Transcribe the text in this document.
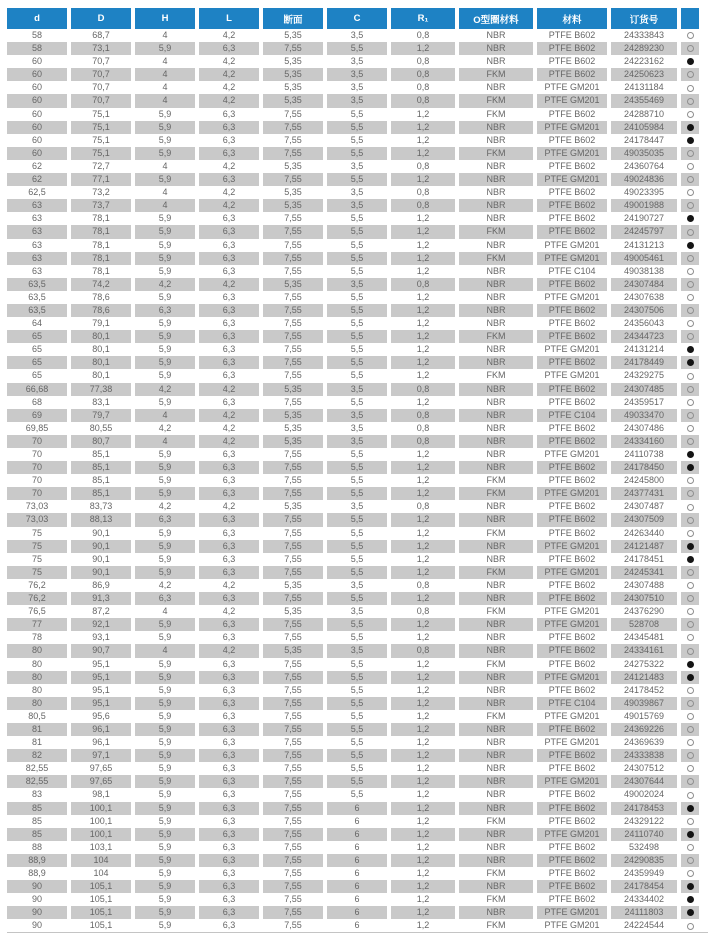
d	D	H	L	断面	C	R₁	O型圈材料	材料	订货号	
58	68,7	4	4,2	5,35	3,5	0,8	NBR	PTFE B602	24333843	
58	73,1	5,9	6,3	7,55	5,5	1,2	NBR	PTFE B602	24289230	
60	70,7	4	4,2	5,35	3,5	0,8	NBR	PTFE B602	24223162	
60	70,7	4	4,2	5,35	3,5	0,8	FKM	PTFE B602	24250623	
60	70,7	4	4,2	5,35	3,5	0,8	NBR	PTFE GM201	24131184	
60	70,7	4	4,2	5,35	3,5	0,8	FKM	PTFE GM201	24355469	
60	75,1	5,9	6,3	7,55	5,5	1,2	FKM	PTFE B602	24288710	
60	75,1	5,9	6,3	7,55	5,5	1,2	NBR	PTFE GM201	24105984	
60	75,1	5,9	6,3	7,55	5,5	1,2	NBR	PTFE B602	24178447	
60	75,1	5,9	6,3	7,55	5,5	1,2	FKM	PTFE GM201	49035035	
62	72,7	4	4,2	5,35	3,5	0,8	NBR	PTFE B602	24360764	
62	77,1	5,9	6,3	7,55	5,5	1,2	NBR	PTFE GM201	49024836	
62,5	73,2	4	4,2	5,35	3,5	0,8	NBR	PTFE B602	49023395	
63	73,7	4	4,2	5,35	3,5	0,8	NBR	PTFE B602	49001988	
63	78,1	5,9	6,3	7,55	5,5	1,2	NBR	PTFE B602	24190727	
63	78,1	5,9	6,3	7,55	5,5	1,2	FKM	PTFE B602	24245797	
63	78,1	5,9	6,3	7,55	5,5	1,2	NBR	PTFE GM201	24131213	
63	78,1	5,9	6,3	7,55	5,5	1,2	FKM	PTFE GM201	49005461	
63	78,1	5,9	6,3	7,55	5,5	1,2	NBR	PTFE C104	49038138	
63,5	74,2	4,2	4,2	5,35	3,5	0,8	NBR	PTFE B602	24307484	
63,5	78,6	5,9	6,3	7,55	5,5	1,2	NBR	PTFE GM201	24307638	
63,5	78,6	6,3	6,3	7,55	5,5	1,2	NBR	PTFE B602	24307506	
64	79,1	5,9	6,3	7,55	5,5	1,2	NBR	PTFE B602	24356043	
65	80,1	5,9	6,3	7,55	5,5	1,2	FKM	PTFE B602	24344723	
65	80,1	5,9	6,3	7,55	5,5	1,2	NBR	PTFE GM201	24131214	
65	80,1	5,9	6,3	7,55	5,5	1,2	NBR	PTFE B602	24178449	
65	80,1	5,9	6,3	7,55	5,5	1,2	FKM	PTFE GM201	24329275	
66,68	77,38	4,2	4,2	5,35	3,5	0,8	NBR	PTFE B602	24307485	
68	83,1	5,9	6,3	7,55	5,5	1,2	NBR	PTFE B602	24359517	
69	79,7	4	4,2	5,35	3,5	0,8	NBR	PTFE C104	49033470	
69,85	80,55	4,2	4,2	5,35	3,5	0,8	NBR	PTFE B602	24307486	
70	80,7	4	4,2	5,35	3,5	0,8	NBR	PTFE B602	24334160	
70	85,1	5,9	6,3	7,55	5,5	1,2	NBR	PTFE GM201	24110738	
70	85,1	5,9	6,3	7,55	5,5	1,2	NBR	PTFE B602	24178450	
70	85,1	5,9	6,3	7,55	5,5	1,2	FKM	PTFE B602	24245800	
70	85,1	5,9	6,3	7,55	5,5	1,2	FKM	PTFE GM201	24377431	
73,03	83,73	4,2	4,2	5,35	3,5	0,8	NBR	PTFE B602	24307487	
73,03	88,13	6,3	6,3	7,55	5,5	1,2	NBR	PTFE B602	24307509	
75	90,1	5,9	6,3	7,55	5,5	1,2	FKM	PTFE B602	24263440	
75	90,1	5,9	6,3	7,55	5,5	1,2	NBR	PTFE GM201	24121487	
75	90,1	5,9	6,3	7,55	5,5	1,2	NBR	PTFE B602	24178451	
75	90,1	5,9	6,3	7,55	5,5	1,2	FKM	PTFE GM201	24245341	
76,2	86,9	4,2	4,2	5,35	3,5	0,8	NBR	PTFE B602	24307488	
76,2	91,3	6,3	6,3	7,55	5,5	1,2	NBR	PTFE B602	24307510	
76,5	87,2	4	4,2	5,35	3,5	0,8	FKM	PTFE GM201	24376290	
77	92,1	5,9	6,3	7,55	5,5	1,2	NBR	PTFE GM201	528708	
78	93,1	5,9	6,3	7,55	5,5	1,2	NBR	PTFE B602	24345481	
80	90,7	4	4,2	5,35	3,5	0,8	NBR	PTFE B602	24334161	
80	95,1	5,9	6,3	7,55	5,5	1,2	FKM	PTFE B602	24275322	
80	95,1	5,9	6,3	7,55	5,5	1,2	NBR	PTFE GM201	24121483	
80	95,1	5,9	6,3	7,55	5,5	1,2	NBR	PTFE B602	24178452	
80	95,1	5,9	6,3	7,55	5,5	1,2	NBR	PTFE C104	49039867	
80,5	95,6	5,9	6,3	7,55	5,5	1,2	FKM	PTFE GM201	49015769	
81	96,1	5,9	6,3	7,55	5,5	1,2	NBR	PTFE B602	24369226	
81	96,1	5,9	6,3	7,55	5,5	1,2	NBR	PTFE GM201	24369639	
82	97,1	5,9	6,3	7,55	5,5	1,2	NBR	PTFE B602	24333838	
82,55	97,65	5,9	6,3	7,55	5,5	1,2	NBR	PTFE B602	24307512	
82,55	97,65	5,9	6,3	7,55	5,5	1,2	NBR	PTFE GM201	24307644	
83	98,1	5,9	6,3	7,55	5,5	1,2	NBR	PTFE B602	49002024	
85	100,1	5,9	6,3	7,55	6	1,2	NBR	PTFE B602	24178453	
85	100,1	5,9	6,3	7,55	6	1,2	FKM	PTFE B602	24329122	
85	100,1	5,9	6,3	7,55	6	1,2	NBR	PTFE GM201	24110740	
88	103,1	5,9	6,3	7,55	6	1,2	NBR	PTFE B602	532498	
88,9	104	5,9	6,3	7,55	6	1,2	NBR	PTFE B602	24290835	
88,9	104	5,9	6,3	7,55	6	1,2	FKM	PTFE B602	24359949	
90	105,1	5,9	6,3	7,55	6	1,2	NBR	PTFE B602	24178454	
90	105,1	5,9	6,3	7,55	6	1,2	FKM	PTFE B602	24334402	
90	105,1	5,9	6,3	7,55	6	1,2	NBR	PTFE GM201	24111803	
90	105,1	5,9	6,3	7,55	6	1,2	FKM	PTFE GM201	24224544	
